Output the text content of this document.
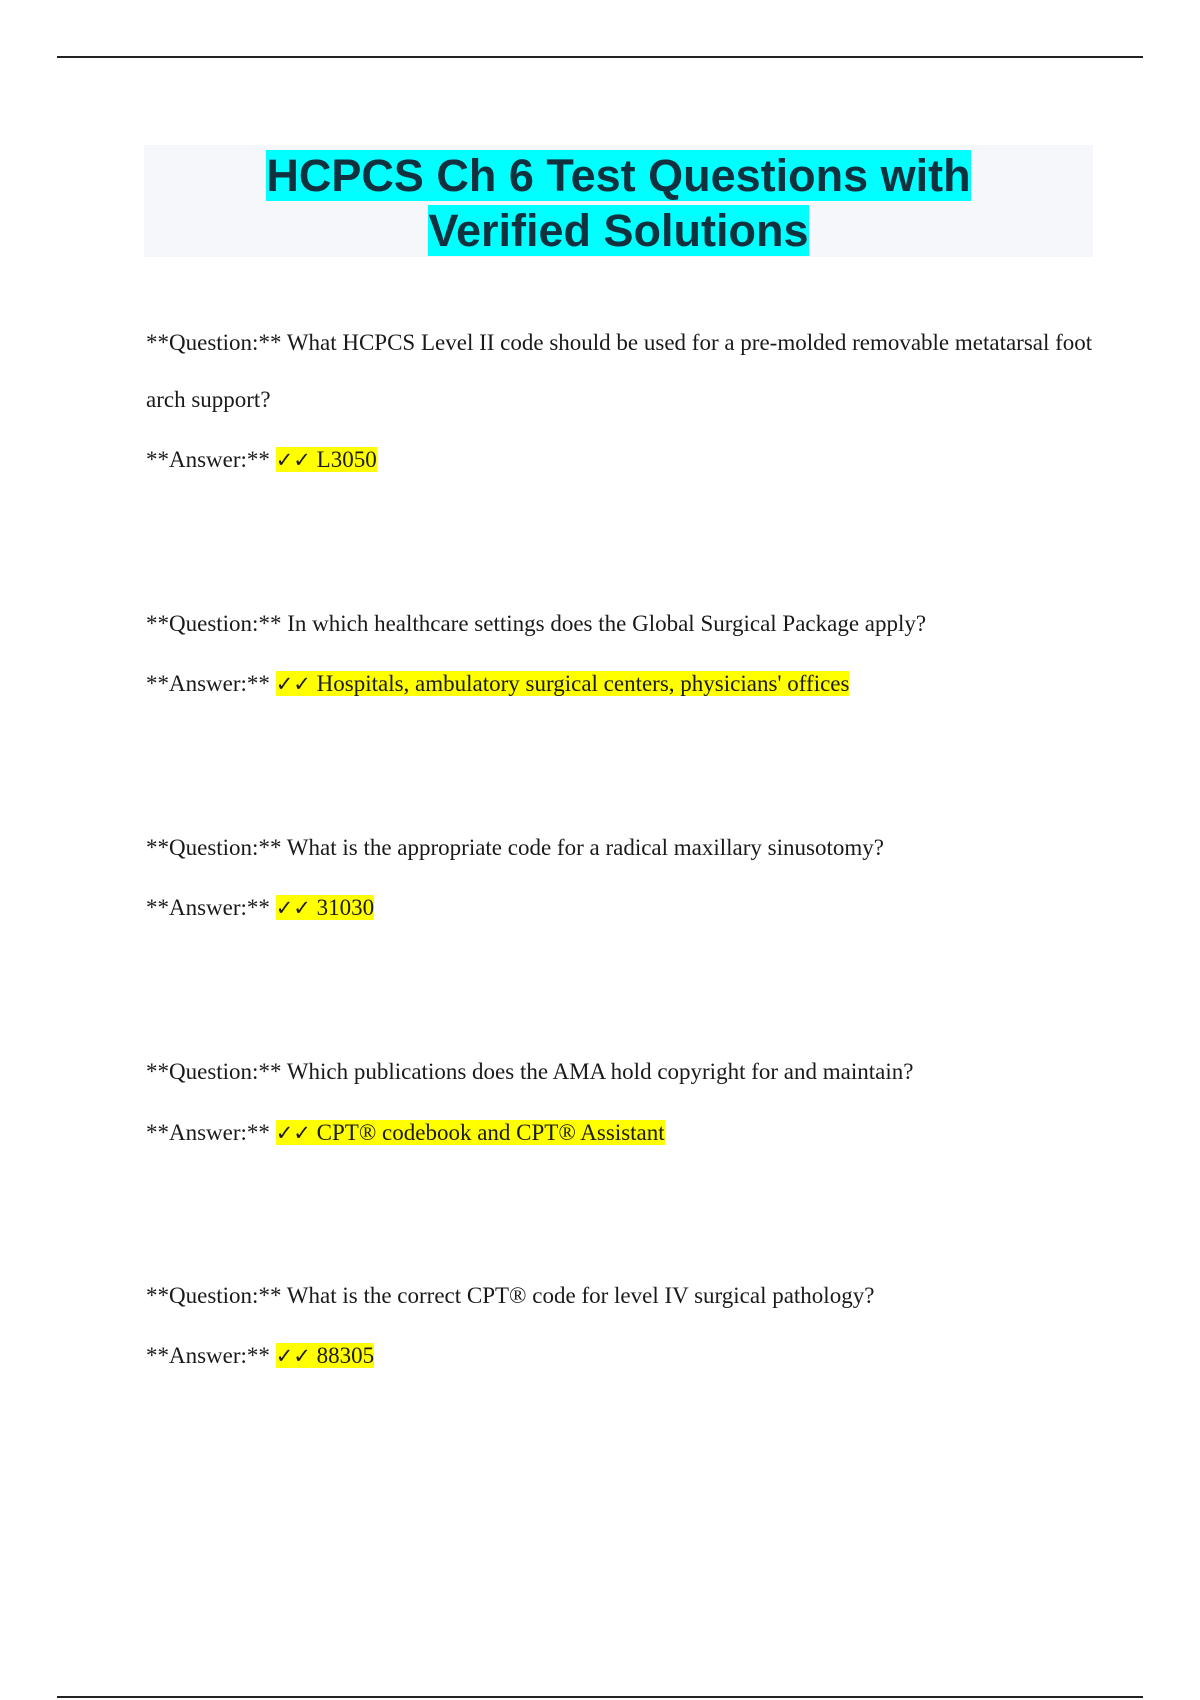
HCPCS Ch 6 Test Questions with
Verified Solutions

**Question:** What HCPCS Level II code should be used for a pre-molded removable metatarsal foot arch support?

**Answer:** ✓✓ L3050

**Question:** In which healthcare settings does the Global Surgical Package apply?

**Answer:** ✓✓ Hospitals, ambulatory surgical centers, physicians' offices

**Question:** What is the appropriate code for a radical maxillary sinusotomy?

**Answer:** ✓✓ 31030

**Question:** Which publications does the AMA hold copyright for and maintain?

**Answer:** ✓✓ CPT® codebook and CPT® Assistant

**Question:** What is the correct CPT® code for level IV surgical pathology?

**Answer:** ✓✓ 88305
